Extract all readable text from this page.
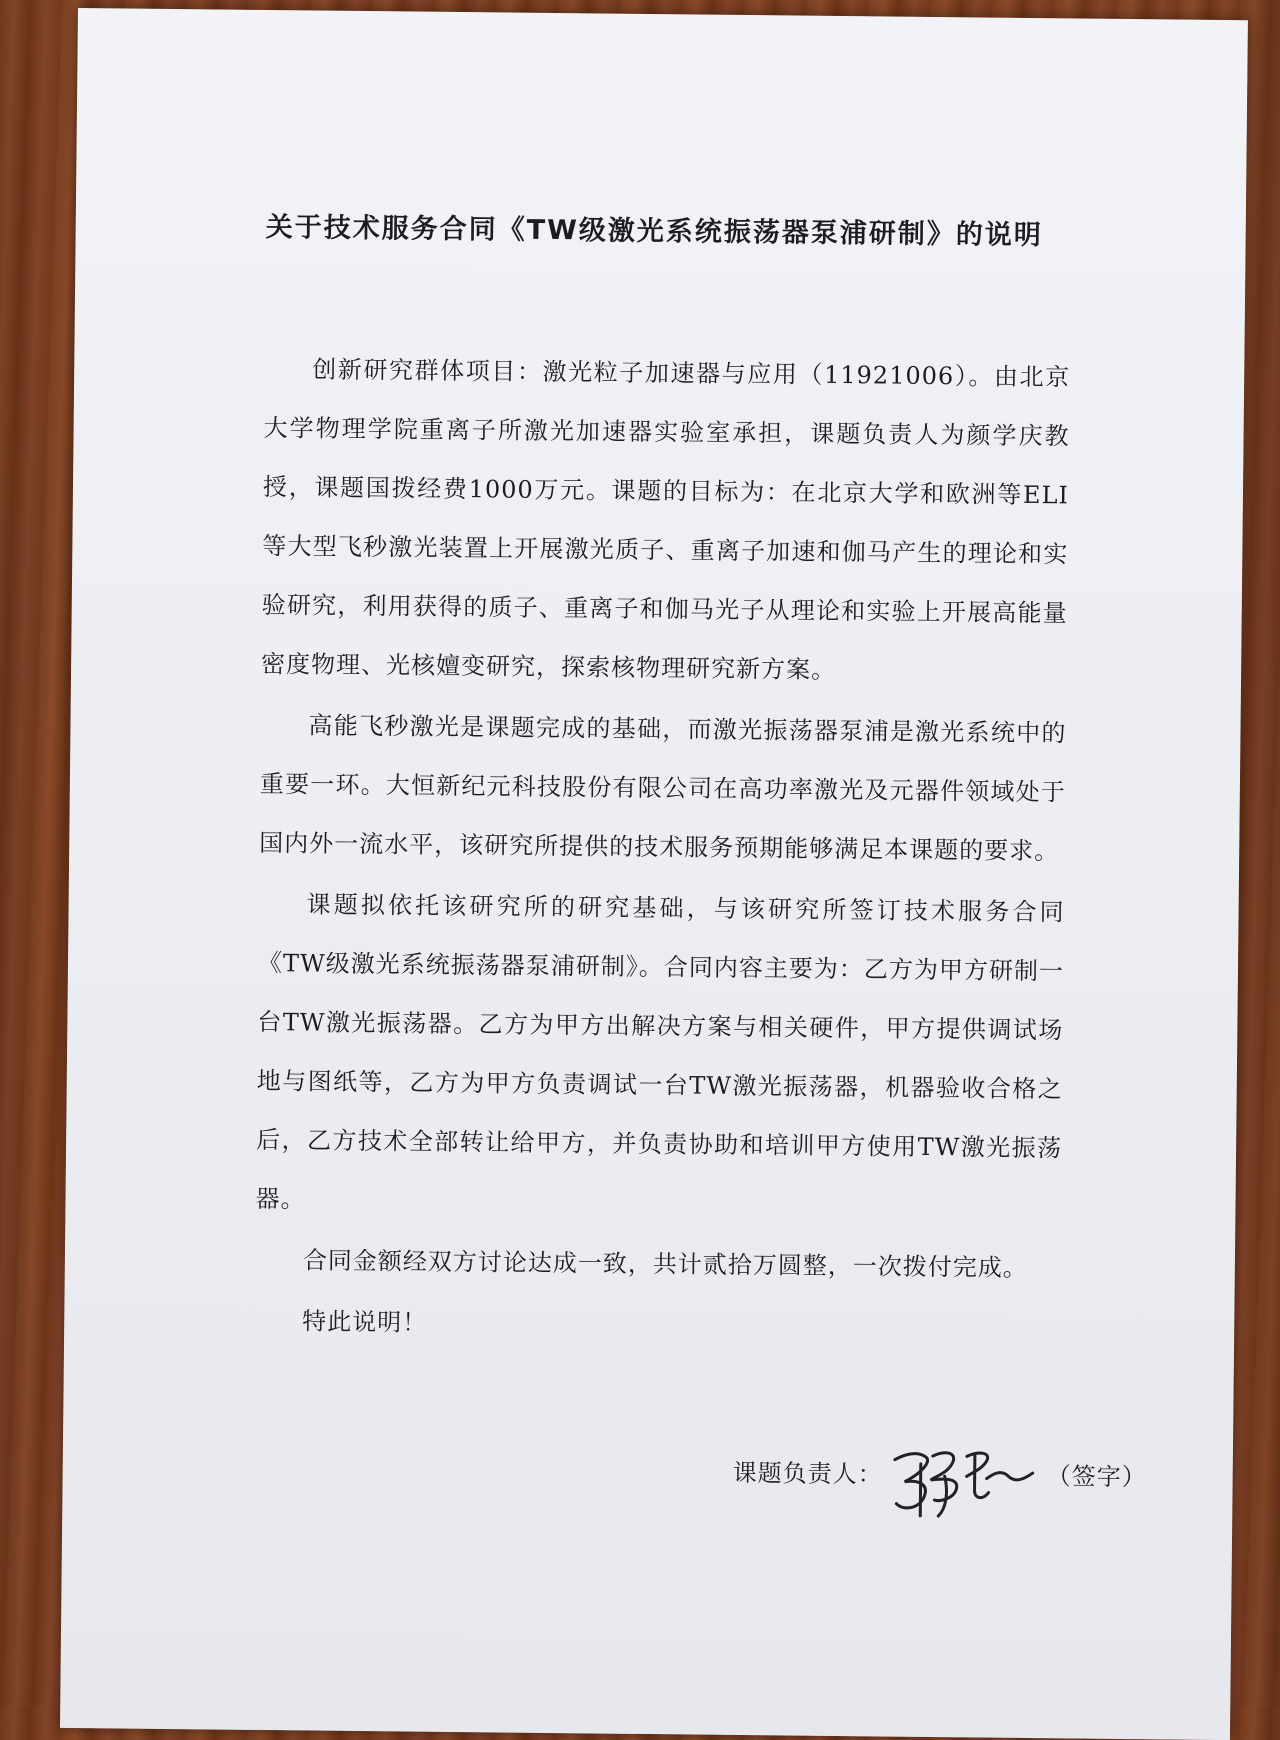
关于技术服务合同《TW级激光系统振荡器泵浦研制》的说明

创新研究群体项目：激光粒子加速器与应用（11921006）。由北京大学物理学院重离子所激光加速器实验室承担，课题负责人为颜学庆教授，课题国拨经费1000万元。课题的目标为：在北京大学和欧洲等ELI等大型飞秒激光装置上开展激光质子、重离子加速和伽马产生的理论和实验研究，利用获得的质子、重离子和伽马光子从理论和实验上开展高能量密度物理、光核嬗变研究，探索核物理研究新方案。

高能飞秒激光是课题完成的基础，而激光振荡器泵浦是激光系统中的重要一环。大恒新纪元科技股份有限公司在高功率激光及元器件领域处于国内外一流水平，该研究所提供的技术服务预期能够满足本课题的要求。

课题拟依托该研究所的研究基础，与该研究所签订技术服务合同《TW级激光系统振荡器泵浦研制》。合同内容主要为：乙方为甲方研制一台TW激光振荡器。乙方为甲方出解决方案与相关硬件，甲方提供调试场地与图纸等，乙方为甲方负责调试一台TW激光振荡器，机器验收合格之后，乙方技术全部转让给甲方，并负责协助和培训甲方使用TW激光振荡器。

合同金额经双方讨论达成一致，共计贰拾万圆整，一次拨付完成。

特此说明！

课题负责人：	（签字）
